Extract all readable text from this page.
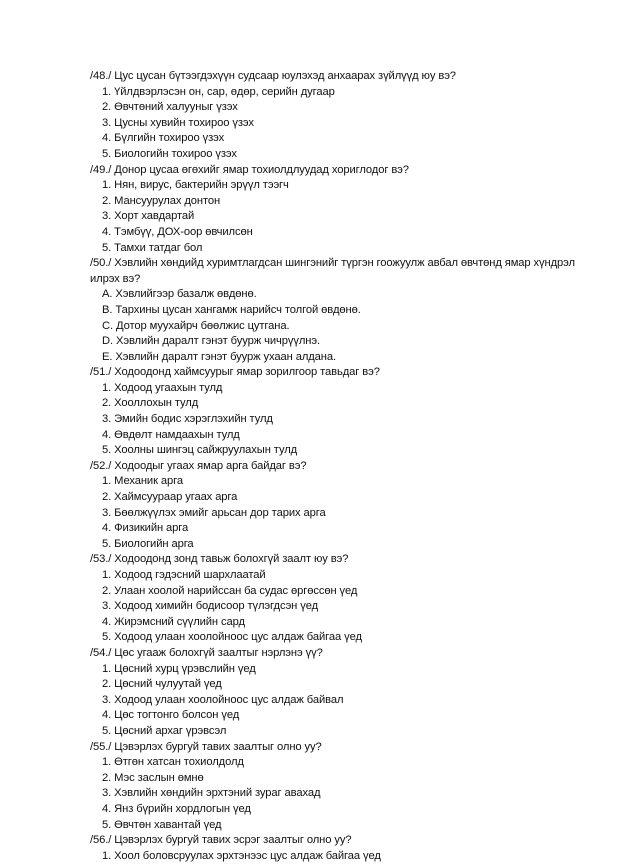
/48./ Цус цусан бүтээгдэхүүн судсаар юулэхэд анхаарах зүйлүүд юу вэ?
1. Үйлдвэрлэсэн он, сар, өдөр, серийн дугаар
2. Өвчтөний халууныг үзэх
3. Цусны хувийн тохироо үзэх
4. Бүлгийн тохироо үзэх
5. Биологийн тохироо үзэх
/49./ Донор цусаа өгөхийг ямар тохиолдлуудад хориглодог вэ?
1. Нян, вирус, бактерийн эрүүл тээгч
2. Мансуурулах донтон
3. Хорт хавдартай
4. Тэмбүү, ДОХ-оор өвчилсөн
5. Тамхи татдаг бол
/50./ Хэвлийн хөндийд хуримтлагдсан шингэнийг түргэн гоожуулж авбал өвчтөнд ямар хүндрэл илрэх вэ?
A. Хэвлийгээр базалж өвдөнө.
B. Тархины цусан хангамж нарийсч толгой өвдөнө.
C. Дотор муухайрч бөөлжис цутгана.
D. Хэвлийн даралт гэнэт буурж чичрүүлнэ.
E. Хэвлийн даралт гэнэт буурж ухаан алдана.
/51./ Ходоодонд хаймсуурыг ямар зорилгоор тавьдаг вэ?
1. Ходоод угаахын тулд
2. Хооллохын тулд
3. Эмийн бодис хэрэглэхийн тулд
4. Өвдөлт намдаахын тулд
5. Хоолны шингэц сайжруулахын тулд
/52./ Ходоодыг угаах ямар арга байдаг вэ?
1. Механик арга
2. Хаймсуураар угаах арга
3. Бөөлжүүлэх эмийг арьсан дор тарих арга
4. Физикийн арга
5. Биологийн арга
/53./ Ходоодонд зонд тавьж болохгүй заалт юу вэ?
1. Ходоод гэдэсний шархлаатай
2. Улаан хоолой нарийссан ба судас өргөссөн үед
3. Ходоод химийн бодисоор түлэгдсэн үед
4. Жирэмсний сүүлийн сард
5. Ходоод улаан хоолойноос цус алдаж байгаа үед
/54./ Цөс угааж болохгүй заалтыг нэрлэнэ үү?
1. Цөсний хурц үрэвслийн үед
2. Цөсний чулуутай үед
3. Ходоод улаан хоолойноос цус алдаж байвал
4. Цөс тогтонго болсон үед
5. Цөсний архаг үрэвсэл
/55./ Цэвэрлэх бургуй тавих заалтыг олно уу?
1. Өтгөн хатсан тохиолдолд
2. Мэс заслын өмнө
3. Хэвлийн хөндийн эрхтэний зураг авахад
4. Янз бүрийн хордлогын үед
5. Өвчтөн хавантай үед
/56./ Цэвэрлэх бургуй тавих эсрэг заалтыг олно уу?
1. Хоол боловсруулах эрхтэнээс цус алдаж байгаа үед
